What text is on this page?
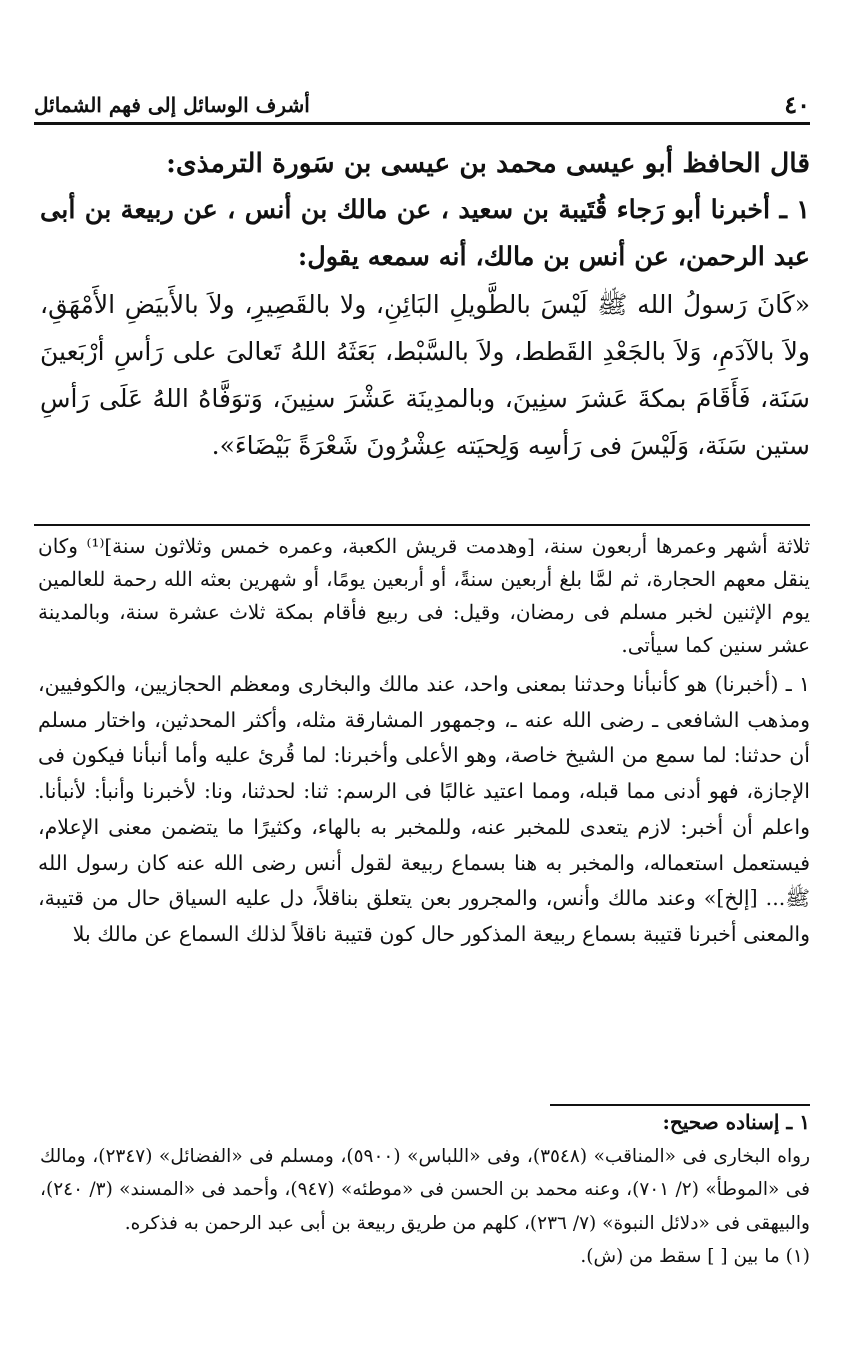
٤٠
أشرف الوسائل إلى فهم الشمائل

قال الحافظ أبو عيسى محمد بن عيسى بن سَورة الترمذى:

١ ـ أخبرنا أبو رَجاء قُتَيبة بن سعيد ، عن مالك بن أنس ، عن ربيعة بن أبى عبد الرحمن، عن أنس بن مالك، أنه سمعه يقول:

«كَانَ رَسولُ الله ﷺ لَيْسَ بالطَّويلِ البَائِنِ، ولا بالقَصِيرِ، ولاَ بالأَبيَضِ الأَمْهَقِ، ولاَ بالآدَمِ، وَلاَ بالجَعْدِ القَطط، ولاَ بالسَّبْط، بَعَثَهُ اللهُ تَعالىَ على رَأسِ أرْبَعينَ سَنَة، فَأَقَامَ بمكةَ عَشرَ سنِينَ، وبالمدِينَة عَشْرَ سنِينَ، وَتوَفَّاهُ اللهُ عَلَى رَأسِ ستين سَنَة، وَلَيْسَ فى رَأسِه وَلِحيَته عِشْرُونَ شَعْرَةً بَيْضَاءَ».

ثلاثة أشهر وعمرها أربعون سنة، [وهدمت قريش الكعبة، وعمره خمس وثلاثون سنة]⁽¹⁾ وكان ينقل معهم الحجارة، ثم لمَّا بلغ أربعين سنةً، أو أربعين يومًا، أو شهرين بعثه الله رحمة للعالمين يوم الإثنين لخبر مسلم فى رمضان، وقيل: فى ربيع فأقام بمكة ثلاث عشرة سنة، وبالمدينة عشر سنين كما سيأتى.

١ ـ (أخبرنا) هو كأنبأنا وحدثنا بمعنى واحد، عند مالك والبخارى ومعظم الحجازيين، والكوفيين، ومذهب الشافعى ـ رضى الله عنه ـ، وجمهور المشارقة مثله، وأكثر المحدثين، واختار مسلم أن حدثنا: لما سمع من الشيخ خاصة، وهو الأعلى وأخبرنا: لما قُرئ عليه وأما أنبأنا فيكون فى الإجازة، فهو أدنى مما قبله، ومما اعتيد غالبًا فى الرسم: ثنا: لحدثنا، ونا: لأخبرنا وأنبأ: لأنبأنا. واعلم أن أخبر: لازم يتعدى للمخبر عنه، وللمخبر به بالهاء، وكثيرًا ما يتضمن معنى الإعلام، فيستعمل استعماله، والمخبر به هنا بسماع ربيعة لقول أنس رضى الله عنه كان رسول الله ﷺ... [إلخ]» وعند مالك وأنس، والمجرور بعن يتعلق بناقلاً، دل عليه السياق حال من قتيبة، والمعنى أخبرنا قتيبة بسماع ربيعة المذكور حال كون قتيبة ناقلاً لذلك السماع عن مالك بلا

١ ـ إسناده صحيح:

رواه البخارى فى «المناقب» (٣٥٤٨)، وفى «اللباس» (٥٩٠٠)، ومسلم فى «الفضائل» (٢٣٤٧)، ومالك فى «الموطأ» (٢/ ٧٠١)، وعنه محمد بن الحسن فى «موطئه» (٩٤٧)، وأحمد فى «المسند» (٣/ ٢٤٠)، والبيهقى فى «دلائل النبوة» (٧/ ٢٣٦)، كلهم من طريق ربيعة بن أبى عبد الرحمن به فذكره.

(١) ما بين [ ] سقط من (ش).
